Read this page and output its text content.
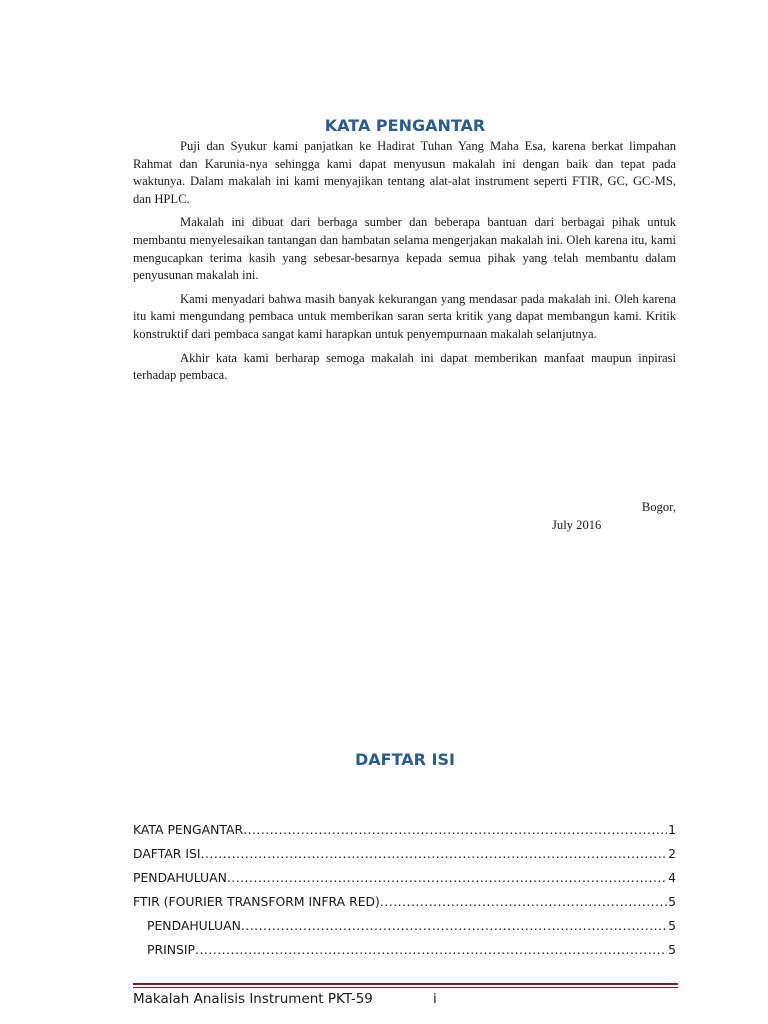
KATA PENGANTAR

Puji dan Syukur kami panjatkan ke Hadirat Tuhan Yang Maha Esa, karena berkat limpahan Rahmat dan Karunia-nya sehingga kami dapat menyusun makalah ini dengan baik dan tepat pada waktunya. Dalam makalah ini kami menyajikan tentang alat-alat instrument seperti FTIR, GC, GC-MS, dan HPLC.

Makalah ini dibuat dari berbaga sumber dan beberapa bantuan dari berbagai pihak untuk membantu menyelesaikan tantangan dan hambatan selama mengerjakan makalah ini. Oleh karena itu, kami mengucapkan terima kasih yang sebesar-besarnya kepada semua pihak yang telah membantu dalam penyusunan makalah ini.

Kami menyadari bahwa masih banyak kekurangan yang mendasar pada makalah ini. Oleh karena itu kami mengundang pembaca untuk memberikan saran serta kritik yang dapat membangun kami. Kritik konstruktif dari pembaca sangat kami harapkan untuk penyempurnaan makalah selanjutnya.

Akhir kata kami berharap semoga makalah ini dapat memberikan manfaat maupun inpirasi terhadap pembaca.

Bogor,
July 2016
DAFTAR ISI
KATA PENGANTAR .....	1
DAFTAR ISI .....	2
PENDAHULUAN .....	4
FTIR (FOURIER TRANSFORM INFRA RED) .....	5
PENDAHULUAN .....	5
PRINSIP .....	5
Makalah Analisis Instrument PKT-59	i
